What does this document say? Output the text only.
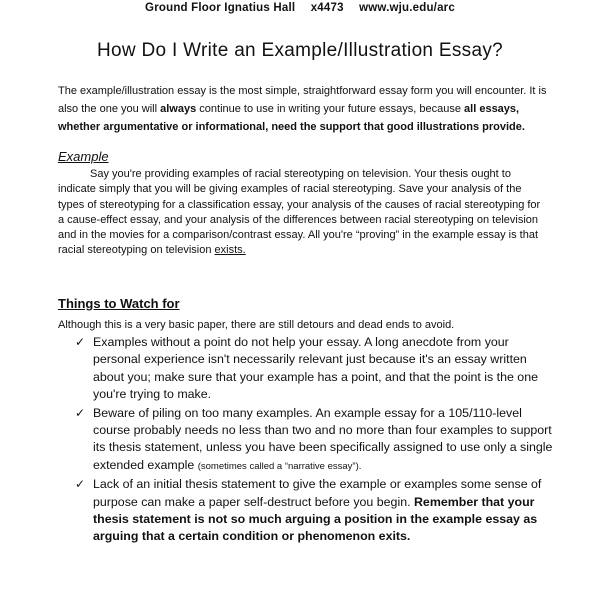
Ground Floor Ignatius Hall x4473 www.wju.edu/arc
How Do I Write an Example/Illustration Essay?
The example/illustration essay is the most simple, straightforward essay form you will encounter. It is also the one you will always continue to use in writing your future essays, because all essays, whether argumentative or informational, need the support that good illustrations provide.
Example
Say you're providing examples of racial stereotyping on television. Your thesis ought to indicate simply that you will be giving examples of racial stereotyping. Save your analysis of the types of stereotyping for a classification essay, your analysis of the causes of racial stereotyping for a cause-effect essay, and your analysis of the differences between racial stereotyping on television and in the movies for a comparison/contrast essay. All you're “proving” in the example essay is that racial stereotyping on television exists.
Things to Watch for
Although this is a very basic paper, there are still detours and dead ends to avoid.
✓ Examples without a point do not help your essay. A long anecdote from your personal experience isn't necessarily relevant just because it's an essay written about you; make sure that your example has a point, and that the point is the one you're trying to make.
✓ Beware of piling on too many examples. An example essay for a 105/110-level course probably needs no less than two and no more than four examples to support its thesis statement, unless you have been specifically assigned to use only a single extended example (sometimes called a “narrative essay”).
✓ Lack of an initial thesis statement to give the example or examples some sense of purpose can make a paper self-destruct before you begin. Remember that your thesis statement is not so much arguing a position in the example essay as arguing that a certain condition or phenomenon exits.
